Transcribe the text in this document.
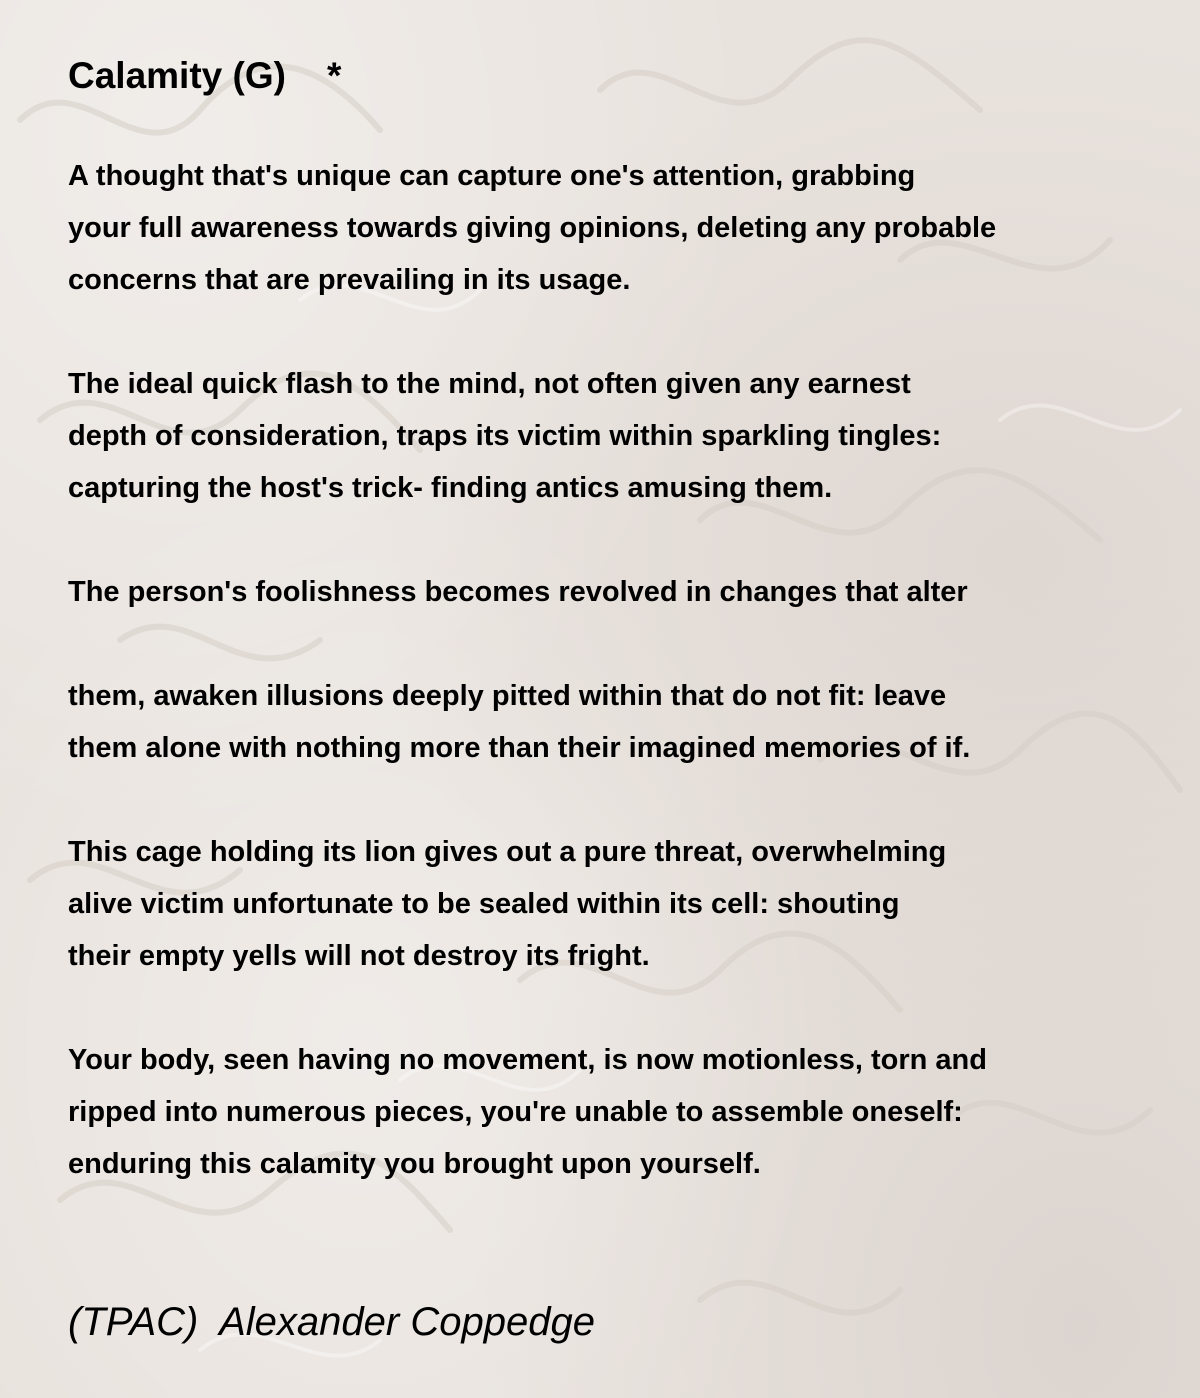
Calamity (G)    *
A thought that's unique can capture one's attention, grabbing
your full awareness towards giving opinions, deleting any probable
concerns that are prevailing in its usage.
The ideal quick flash to the mind, not often given any earnest
depth of consideration, traps its victim within sparkling tingles:
capturing the host's trick- finding antics amusing them.
The person's foolishness becomes revolved in changes that alter
them, awaken illusions deeply pitted within that do not fit: leave
them alone with nothing more than their imagined memories of if.
This cage holding its lion gives out a pure threat, overwhelming
alive victim unfortunate to be sealed within its cell: shouting
their empty yells will not destroy its fright.
Your body, seen having no movement, is now motionless, torn and
ripped into numerous pieces, you're unable to assemble oneself:
enduring this calamity you brought upon yourself.

(TPAC)  Alexander Coppedge
